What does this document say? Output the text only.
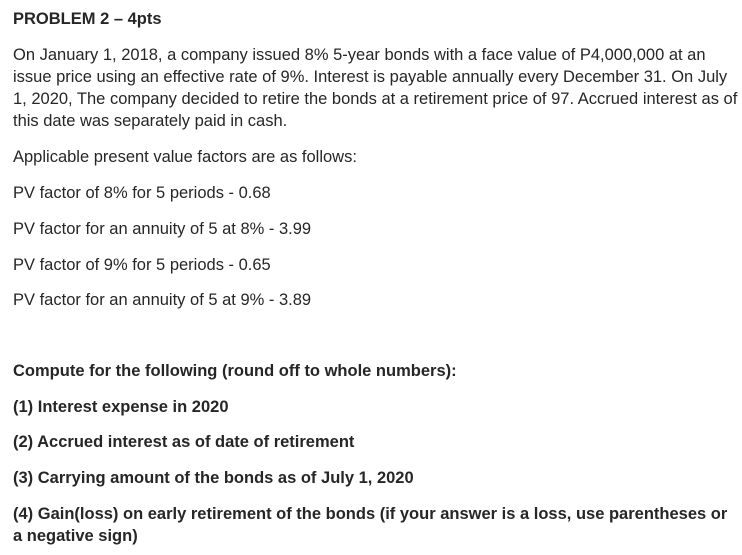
PROBLEM 2 – 4pts
On January 1, 2018, a company issued 8% 5-year bonds with a face value of P4,000,000 at an issue price using an effective rate of 9%. Interest is payable annually every December 31. On July 1, 2020, The company decided to retire the bonds at a retirement price of 97. Accrued interest as of this date was separately paid in cash.
Applicable present value factors are as follows:
PV factor of 8% for 5 periods - 0.68
PV factor for an annuity of 5 at 8% - 3.99
PV factor of 9% for 5 periods - 0.65
PV factor for an annuity of 5 at 9% - 3.89
Compute for the following (round off to whole numbers):
(1) Interest expense in 2020
(2) Accrued interest as of date of retirement
(3) Carrying amount of the bonds as of July 1, 2020
(4) Gain(loss) on early retirement of the bonds (if your answer is a loss, use parentheses or a negative sign)
